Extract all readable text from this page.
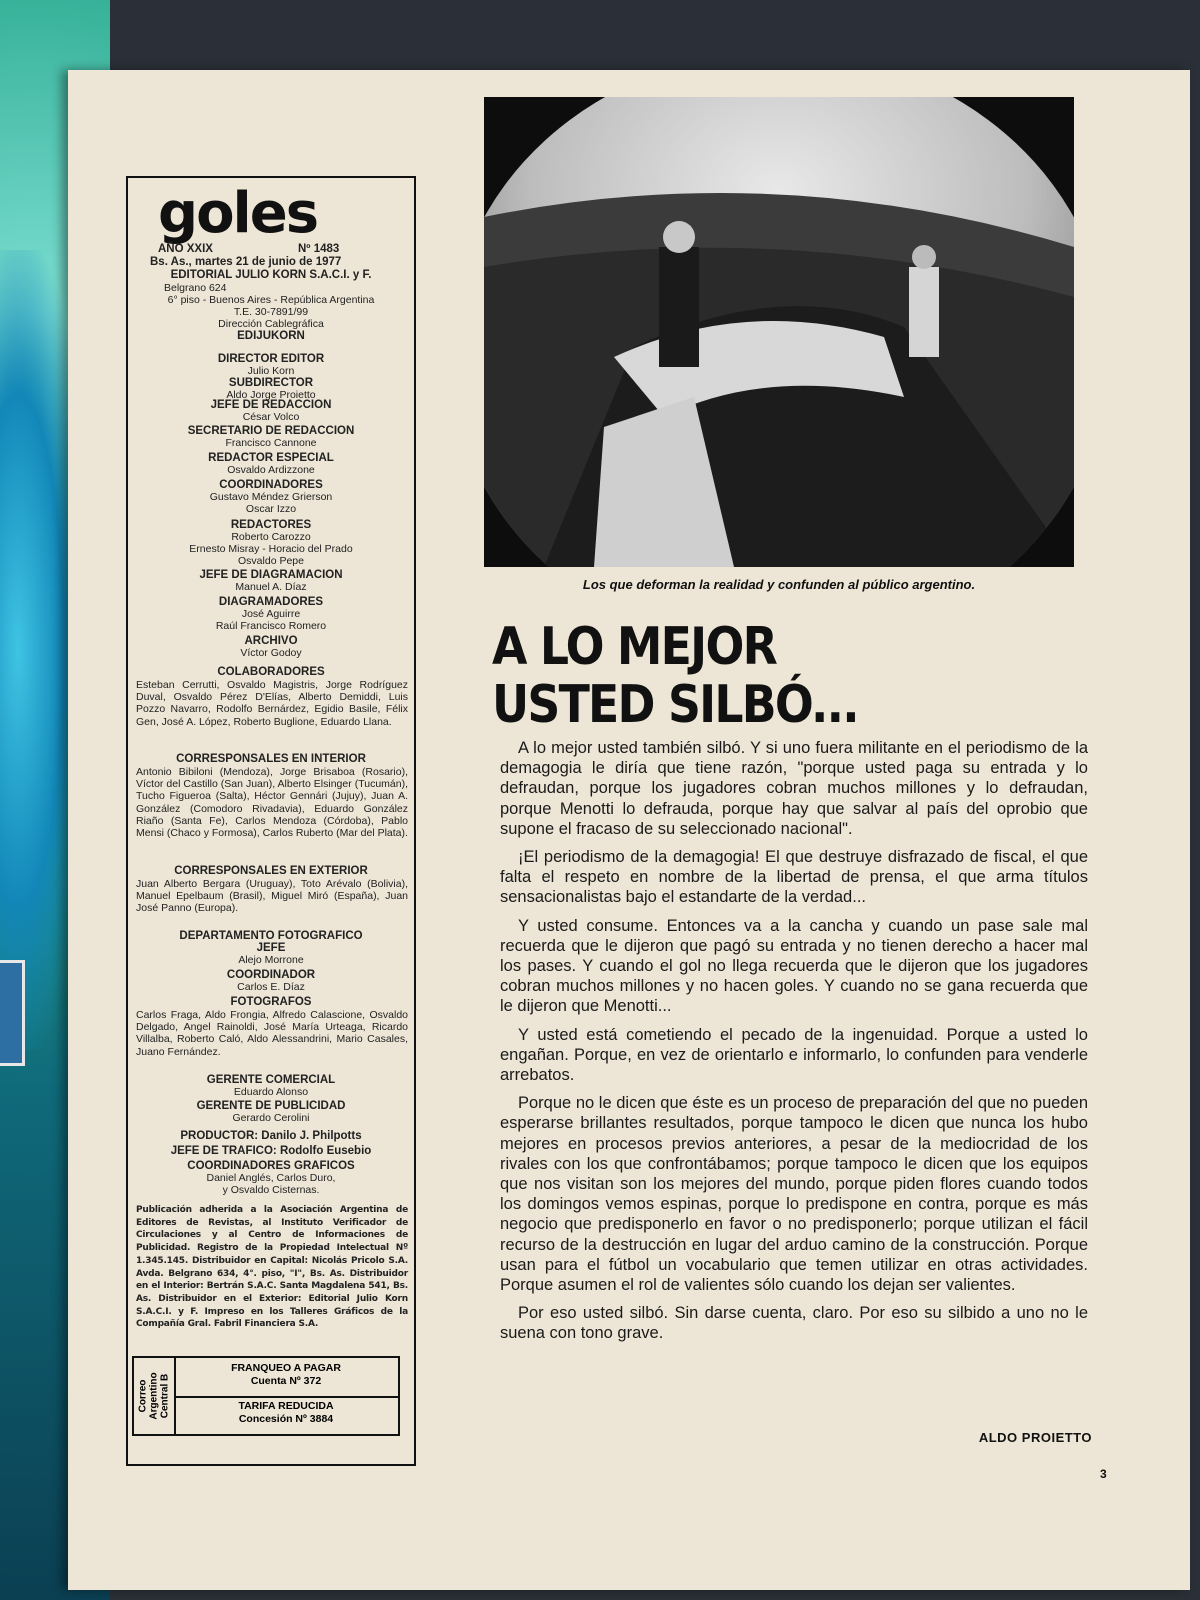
goles
AÑO XXIX	Nº 1483
Bs. As., martes 21 de junio de 1977
EDITORIAL JULIO KORN S.A.C.I. y F.
Belgrano 624
6° piso - Buenos Aires - República Argentina
T.E. 30-7891/99
Dirección Cablegráfica
EDIJUKORN
DIRECTOR EDITOR
Julio Korn
SUBDIRECTOR
Aldo Jorge Proietto
JEFE DE REDACCION
César Volco
SECRETARIO DE REDACCION
Francisco Cannone
REDACTOR ESPECIAL
Osvaldo Ardizzone
COORDINADORES
Gustavo Méndez Grierson
Oscar Izzo
REDACTORES
Roberto Carozzo
Ernesto Misray - Horacio del Prado
Osvaldo Pepe
JEFE DE DIAGRAMACION
Manuel A. Díaz
DIAGRAMADORES
José Aguirre
Raúl Francisco Romero
ARCHIVO
Víctor Godoy
COLABORADORES
Esteban Cerrutti, Osvaldo Magistris, Jorge Rodríguez Duval, Osvaldo Pérez D'Elías, Alberto Demiddi, Luis Pozzo Navarro, Rodolfo Bernárdez, Egidio Basile, Félix Gen, José A. López, Roberto Buglione, Eduardo Llana.
CORRESPONSALES EN INTERIOR
Antonio Bibiloni (Mendoza), Jorge Brisaboa (Rosario), Víctor del Castillo (San Juan), Alberto Elsinger (Tucumán), Tucho Figueroa (Salta), Héctor Gennári (Jujuy), Juan A. González (Comodoro Rivadavia), Eduardo González Riaño (Santa Fe), Carlos Mendoza (Córdoba), Pablo Mensi (Chaco y Formosa), Carlos Ruberto (Mar del Plata).
CORRESPONSALES EN EXTERIOR
Juan Alberto Bergara (Uruguay), Toto Arévalo (Bolivia), Manuel Epelbaum (Brasil), Miguel Miró (España), Juan José Panno (Europa).
DEPARTAMENTO FOTOGRAFICO
JEFE
Alejo Morrone
COORDINADOR
Carlos E. Díaz
FOTOGRAFOS
Carlos Fraga, Aldo Frongia, Alfredo Calascione, Osvaldo Delgado, Angel Rainoldi, José María Urteaga, Ricardo Villalba, Roberto Caló, Aldo Alessandrini, Mario Casales, Juano Fernández.
GERENTE COMERCIAL
Eduardo Alonso
GERENTE DE PUBLICIDAD
Gerardo Cerolini
PRODUCTOR: Danilo J. Philpotts
JEFE DE TRAFICO: Rodolfo Eusebio
COORDINADORES GRAFICOS
Daniel Anglés, Carlos Duro,
y Osvaldo Cisternas.
Publicación adherida a la Asociación Argentina de Editores de Revistas, al Instituto Verificador de Circulaciones y al Centro de Informaciones de Publicidad. Registro de la Propiedad Intelectual Nº 1.345.145. Distribuidor en Capital: Nicolás Pricolo S.A. Avda. Belgrano 634, 4°. piso, "I", Bs. As. Distribuidor en el Interior: Bertrán S.A.C. Santa Magdalena 541, Bs. As. Distribuidor en el Exterior: Editorial Julio Korn S.A.C.I. y F. Impreso en los Talleres Gráficos de la Compañía Gral. Fabril Financiera S.A.
Correo
Argentino
Central B
FRANQUEO A PAGAR
Cuenta Nº 372
TARIFA REDUCIDA
Concesión Nº 3884
Los que deforman la realidad y confunden al público argentino.
A LO MEJOR
USTED SILBÓ...

A lo mejor usted también silbó. Y si uno fuera militante en el periodismo de la demagogia le diría que tiene razón, "porque usted paga su entrada y lo defraudan, porque los jugadores cobran muchos millones y lo defraudan, porque Menotti lo defrauda, porque hay que salvar al país del oprobio que supone el fracaso de su seleccionado nacional".

¡El periodismo de la demagogia! El que destruye disfrazado de fiscal, el que falta el respeto en nombre de la libertad de prensa, el que arma títulos sensacionalistas bajo el estandarte de la verdad...

Y usted consume. Entonces va a la cancha y cuando un pase sale mal recuerda que le dijeron que pagó su entrada y no tienen derecho a hacer mal los pases. Y cuando el gol no llega recuerda que le dijeron que los jugadores cobran muchos millones y no hacen goles. Y cuando no se gana recuerda que le dijeron que Menotti...

Y usted está cometiendo el pecado de la ingenuidad. Porque a usted lo engañan. Porque, en vez de orientarlo e informarlo, lo confunden para venderle arrebatos.

Porque no le dicen que éste es un proceso de preparación del que no pueden esperarse brillantes resultados, porque tampoco le dicen que nunca los hubo mejores en procesos previos anteriores, a pesar de la mediocridad de los rivales con los que confrontábamos; porque tampoco le dicen que los equipos que nos visitan son los mejores del mundo, porque piden flores cuando todos los domingos vemos espinas, porque lo predispone en contra, porque es más negocio que predisponerlo en favor o no predisponerlo; porque utilizan el fácil recurso de la destrucción en lugar del arduo camino de la construcción. Porque usan para el fútbol un vocabulario que temen utilizar en otras actividades. Porque asumen el rol de valientes sólo cuando los dejan ser valientes.

Por eso usted silbó. Sin darse cuenta, claro. Por eso su silbido a uno no le suena con tono grave.

ALDO PROIETTO
3
